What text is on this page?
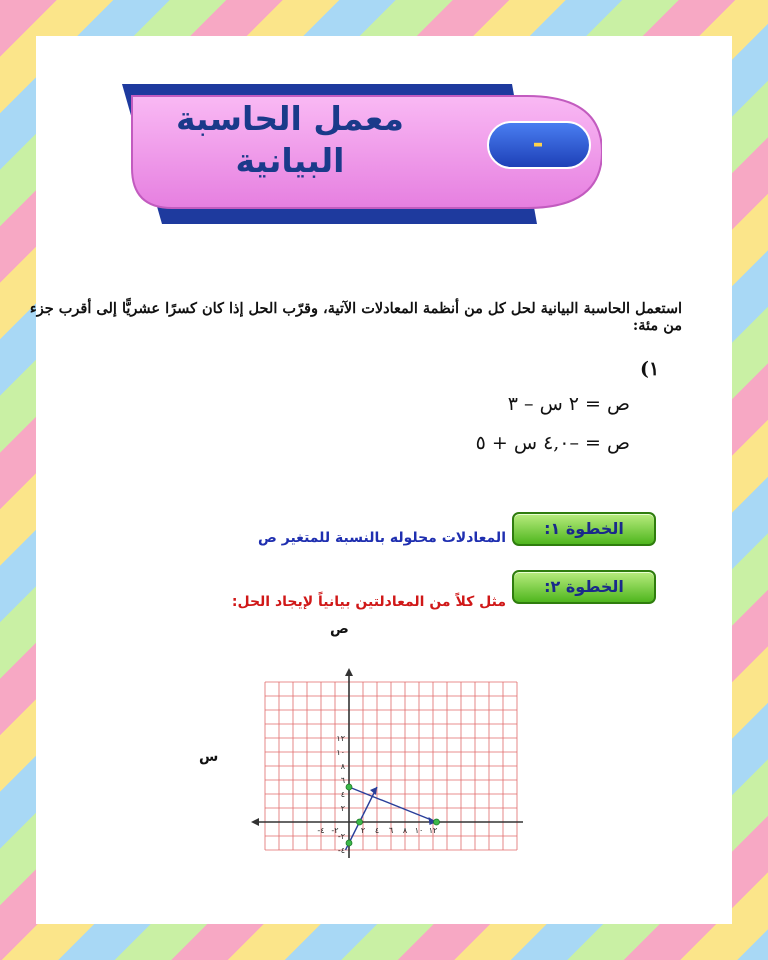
معمل الحاسبة
البيانية	-
استعمل الحاسبة البيانية لحل كل من أنظمة المعادلات الآتية، وقرّب الحل إذا كان كسرًا عشريًّا إلى أقرب جزء من مئة:
١)
ص = ٢ س – ٣
ص = –٤,٠ س + ٥
الخطوة ١:
المعادلات محلوله بالنسبة للمتغير ص
الخطوة ٢:
مثل كلاً من المعادلتين بيانياً لإيجاد الحل:
-٤ -٢	٢ ٤ ٦ ٨ ١٠ ١٢
١٢
١٠
٨
٦
٤
٢
-٢
-٤
ص
س
